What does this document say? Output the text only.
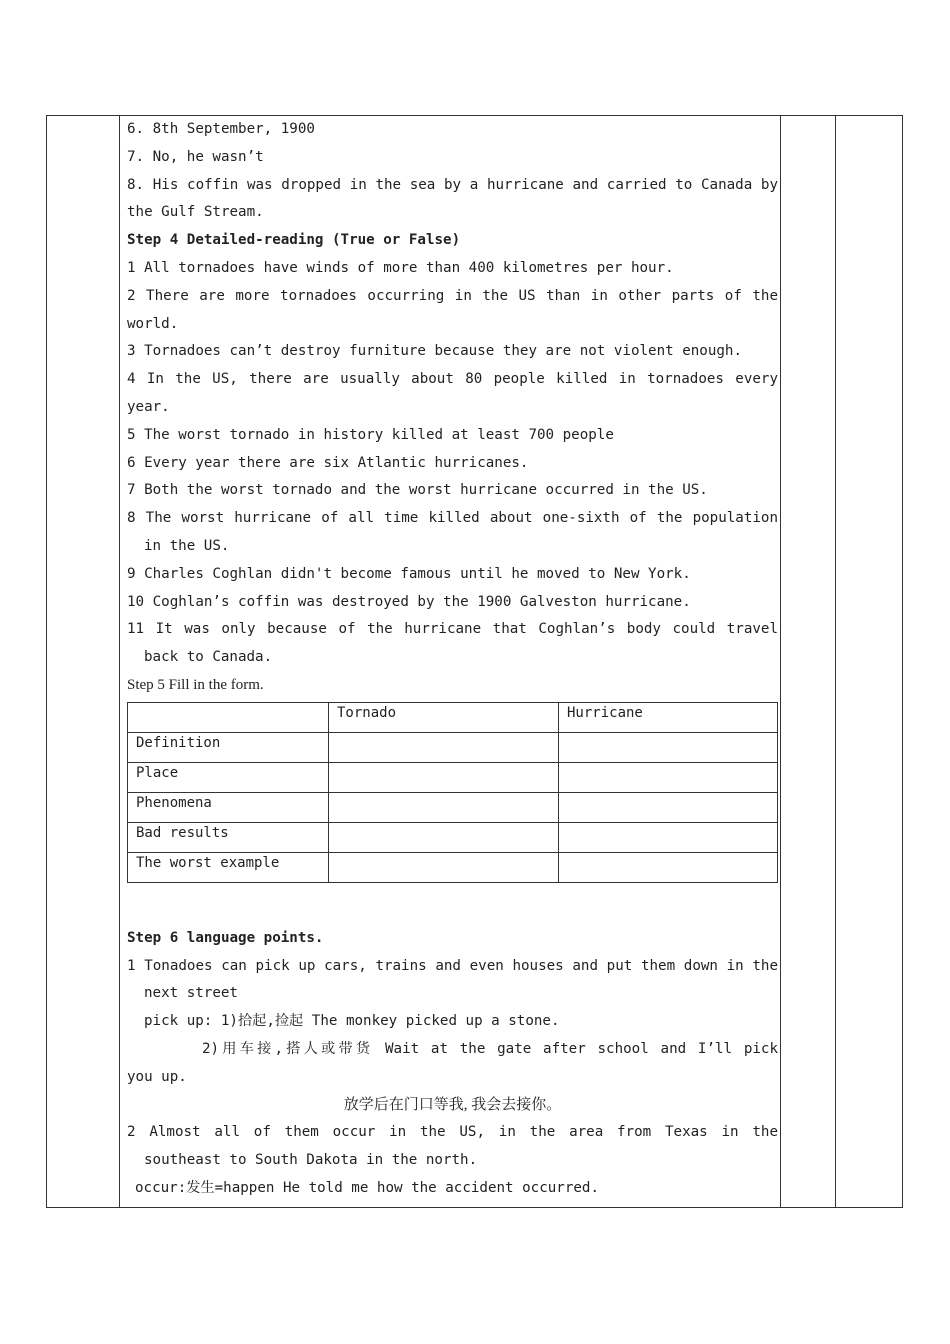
6. 8th September, 1900
7. No, he wasn’t
8. His coffin was dropped in the sea by a hurricane and carried to Canada by
the Gulf Stream.
Step 4 Detailed-reading (True or False)
1 All tornadoes have winds of more than 400 kilometres per hour.
2 There are more tornadoes occurring in the US than in other parts of the
world.
3 Tornadoes can’t destroy furniture because they are not violent enough.
4 In the US, there are usually about 80 people killed in tornadoes every
year.
5 The worst tornado in history killed at least 700 people
6 Every year there are six Atlantic hurricanes.
7 Both the worst tornado and the worst hurricane occurred in the US.
8 The worst hurricane of all time killed about one-sixth of the population
in the US.
9 Charles Coghlan didn't become famous until he moved to New York.
10 Coghlan’s coffin was destroyed by the 1900 Galveston hurricane.
11 It was only because of the hurricane that Coghlan’s body could travel
back to Canada.
Step 5 Fill in the form.
	Tornado	Hurricane
Definition		
Place		
Phenomena		
Bad results		
The worst example		
Step 6 language points.
1 Tonadoes can pick up cars, trains and even houses and put them down in the
next street
pick up: 1)拾起,捡起 The monkey picked up a stone.
2)用车接,搭人或带货 Wait at the gate after school and I’ll pick
you up.
放学后在门口等我, 我会去接你。
2 Almost all of them occur in the US, in the area from Texas in the
southeast to South Dakota in the north.
occur:发生=happen He told me how the accident occurred.
